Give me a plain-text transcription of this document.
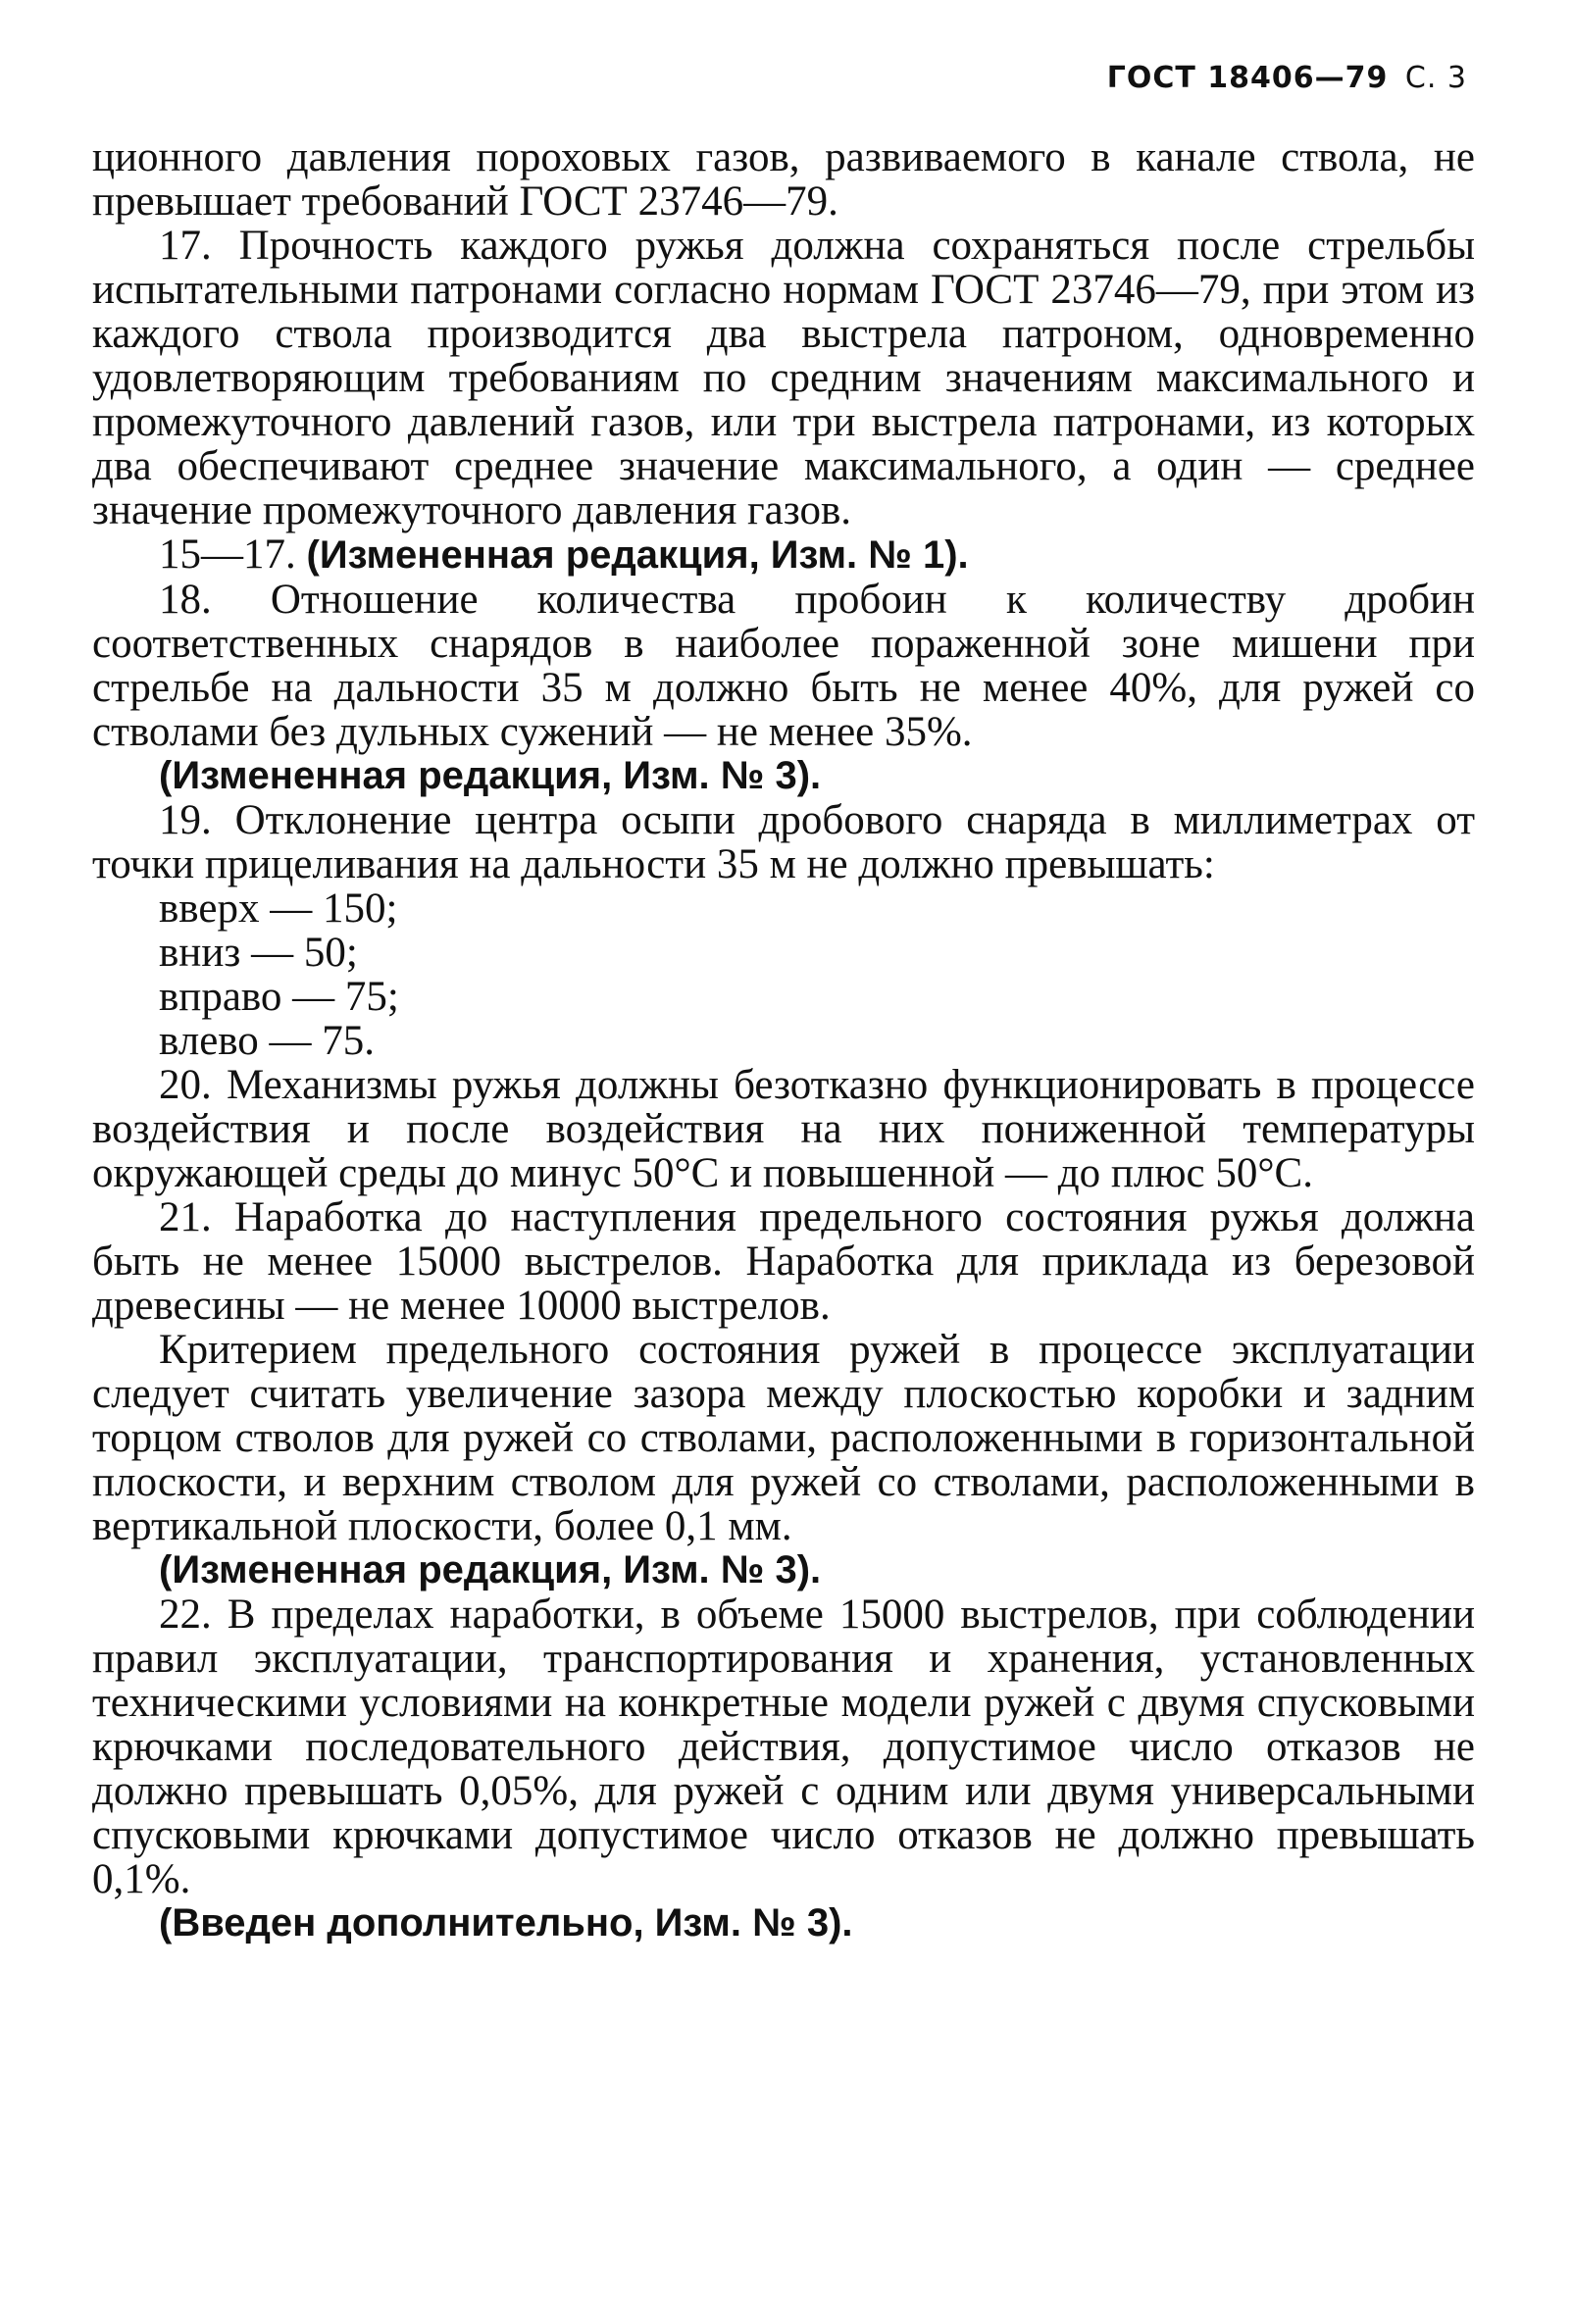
ГОСТ 18406—79 С. 3

ционного давления пороховых газов, развиваемого в канале ствола, не превышает требований ГОСТ 23746—79.

17. Прочность каждого ружья должна сохраняться после стрельбы испытательными патронами согласно нормам ГОСТ 23746—79, при этом из каждого ствола производится два выстрела патроном, одновременно удовлетворяющим требованиям по средним значениям максимального и промежуточного давлений газов, или три выстрела патронами, из которых два обеспечивают среднее значение максимального, а один — среднее значение промежуточного давления газов.

15—17. (Измененная редакция, Изм. № 1).

18. Отношение количества пробоин к количеству дробин соответственных снарядов в наиболее пораженной зоне мишени при стрельбе на дальности 35 м должно быть не менее 40%, для ружей со стволами без дульных сужений — не менее 35%.

(Измененная редакция, Изм. № 3).

19. Отклонение центра осыпи дробового снаряда в миллиметрах от точки прицеливания на дальности 35 м не должно превышать:

вверх — 150;

вниз — 50;

вправо — 75;

влево — 75.

20. Механизмы ружья должны безотказно функционировать в процессе воздействия и после воздействия на них пониженной температуры окружающей среды до минус 50°С и повышенной — до плюс 50°С.

21. Наработка до наступления предельного состояния ружья должна быть не менее 15000 выстрелов. Наработка для приклада из березовой древесины — не менее 10000 выстрелов.

Критерием предельного состояния ружей в процессе эксплуатации следует считать увеличение зазора между плоскостью коробки и задним торцом стволов для ружей со стволами, расположенными в горизонтальной плоскости, и верхним стволом для ружей со стволами, расположенными в вертикальной плоскости, более 0,1 мм.

(Измененная редакция, Изм. № 3).

22. В пределах наработки, в объеме 15000 выстрелов, при соблюдении правил эксплуатации, транспортирования и хранения, установленных техническими условиями на конкретные модели ружей с двумя спусковыми крючками последовательного действия, допустимое число отказов не должно превышать 0,05%, для ружей с одним или двумя универсальными спусковыми крючками допустимое число отказов не должно превышать 0,1%.

(Введен дополнительно, Изм. № 3).
